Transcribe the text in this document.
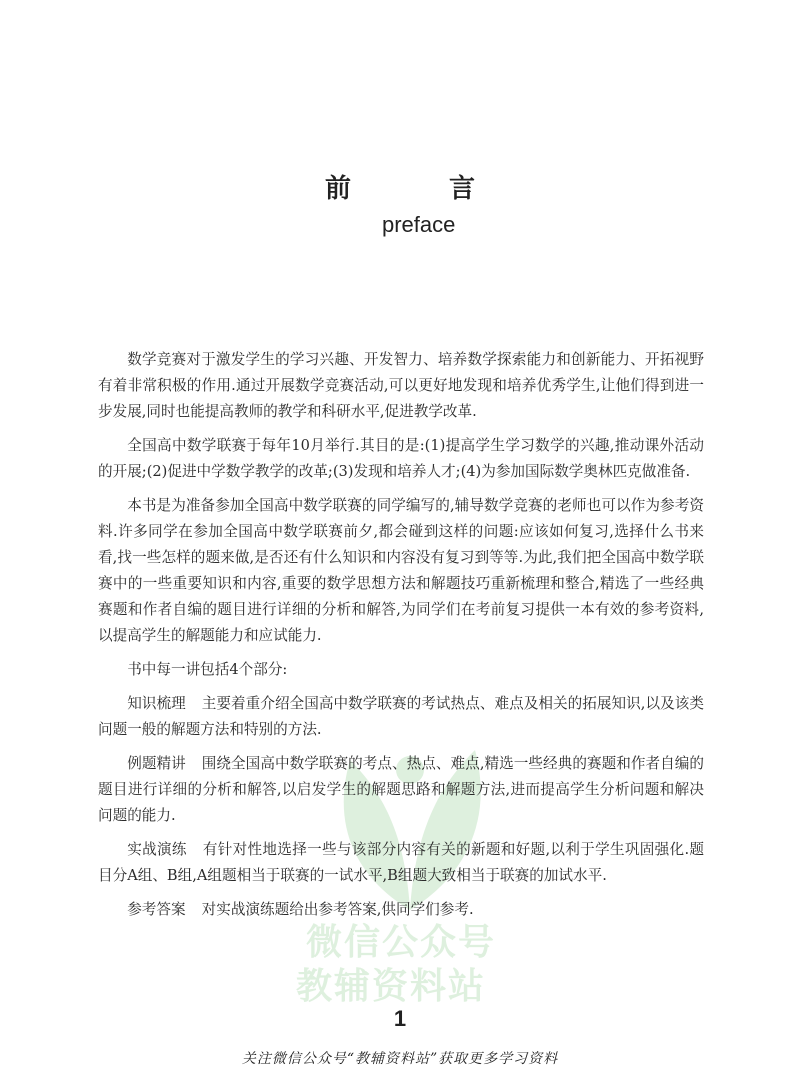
前　言
preface
微信公众号
教辅资料站

数学竞赛对于激发学生的学习兴趣、开发智力、培养数学探索能力和创新能力、开拓视野有着非常积极的作用.通过开展数学竞赛活动,可以更好地发现和培养优秀学生,让他们得到进一步发展,同时也能提高教师的教学和科研水平,促进教学改革.

全国高中数学联赛于每年10月举行.其目的是:(1)提高学生学习数学的兴趣,推动课外活动的开展;(2)促进中学数学教学的改革;(3)发现和培养人才;(4)为参加国际数学奥林匹克做准备.

本书是为准备参加全国高中数学联赛的同学编写的,辅导数学竞赛的老师也可以作为参考资料.许多同学在参加全国高中数学联赛前夕,都会碰到这样的问题:应该如何复习,选择什么书来看,找一些怎样的题来做,是否还有什么知识和内容没有复习到等等.为此,我们把全国高中数学联赛中的一些重要知识和内容,重要的数学思想方法和解题技巧重新梳理和整合,精选了一些经典赛题和作者自编的题目进行详细的分析和解答,为同学们在考前复习提供一本有效的参考资料,以提高学生的解题能力和应试能力.

书中每一讲包括4个部分:

知识梳理 主要着重介绍全国高中数学联赛的考试热点、难点及相关的拓展知识,以及该类问题一般的解题方法和特别的方法.

例题精讲 围绕全国高中数学联赛的考点、热点、难点,精选一些经典的赛题和作者自编的题目进行详细的分析和解答,以启发学生的解题思路和解题方法,进而提高学生分析问题和解决问题的能力.

实战演练 有针对性地选择一些与该部分内容有关的新题和好题,以利于学生巩固强化.题目分A组、B组,A组题相当于联赛的一试水平,B组题大致相当于联赛的加试水平.

参考答案 对实战演练题给出参考答案,供同学们参考.

1
关注微信公众号“教辅资料站”获取更多学习资料
